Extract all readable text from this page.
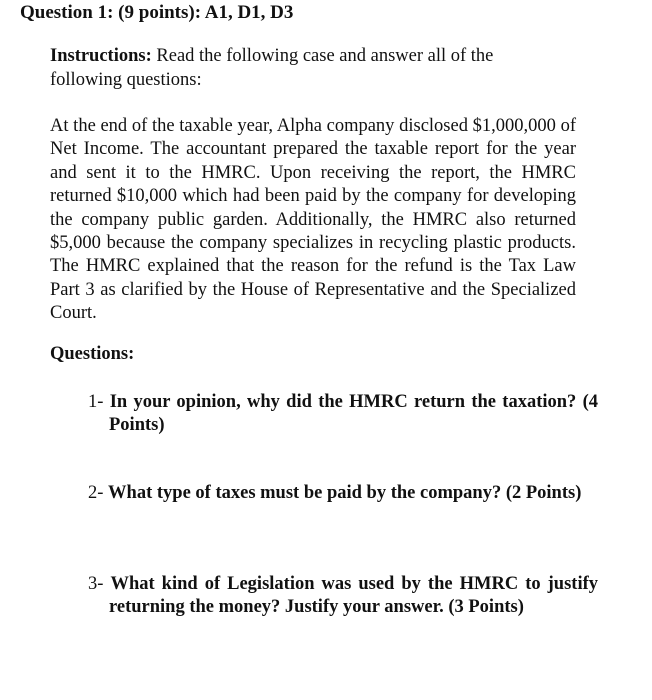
Question 1: (9 points): A1, D1, D3
Instructions: Read the following case and answer all of the following questions:
At the end of the taxable year, Alpha company disclosed $1,000,000 of Net Income. The accountant prepared the taxable report for the year and sent it to the HMRC. Upon receiving the report, the HMRC returned $10,000 which had been paid by the company for developing the company public garden. Additionally, the HMRC also returned $5,000 because the company specializes in recycling plastic products. The HMRC explained that the reason for the refund is the Tax Law Part 3 as clarified by the House of Representative and the Specialized Court.
Questions:
1- In your opinion, why did the HMRC return the taxation? (4 Points)
2- What type of taxes must be paid by the company? (2 Points)
3- What kind of Legislation was used by the HMRC to justify returning the money? Justify your answer. (3 Points)
